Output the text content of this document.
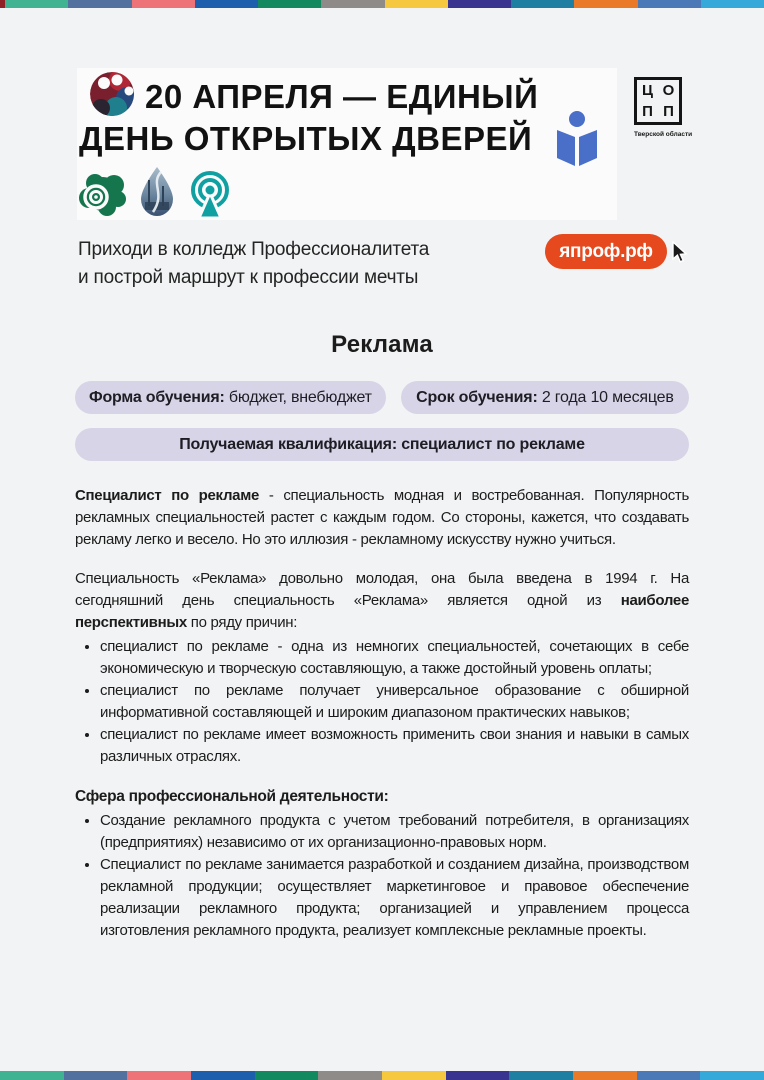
20 АПРЕЛЯ — ЕДИНЫЙ
ДЕНЬ ОТКРЫТЫХ ДВЕРЕЙ
Ц О
П П
Тверской области
Приходи в колледж Профессионалитета
и построй маршрут к профессии мечты
япроф.рф
Реклама
Форма обучения: бюджет, внебюджет	Срок обучения: 2 года 10 месяцев
Получаемая квалификация: специалист по рекламе

Специалист по рекламе - специальность модная и востребованная. Популярность рекламных специальностей растет с каждым годом. Со стороны, кажется, что создавать рекламу легко и весело. Но это иллюзия - рекламному искусству нужно учиться.

Специальность «Реклама» довольно молодая, она была введена в 1994 г. На сегодняшний день специальность «Реклама» является одной из наиболее перспективных по ряду причин:

• специалист по рекламе - одна из немногих специальностей, сочетающих в себе экономическую и творческую составляющую, а также достойный уровень оплаты;
• специалист по рекламе получает универсальное образование с обширной информативной составляющей и широким диапазоном практических навыков;
• специалист по рекламе имеет возможность применить свои знания и навыки в самых различных отраслях.
Сфера профессиональной деятельности:
• Создание рекламного продукта с учетом требований потребителя, в организациях (предприятиях) независимо от их организационно-правовых норм.
• Специалист по рекламе занимается разработкой и созданием дизайна, производством рекламной продукции; осуществляет маркетинговое и правовое обеспечение реализации рекламного продукта; организацией и управлением процесса изготовления рекламного продукта, реализует комплексные рекламные проекты.
